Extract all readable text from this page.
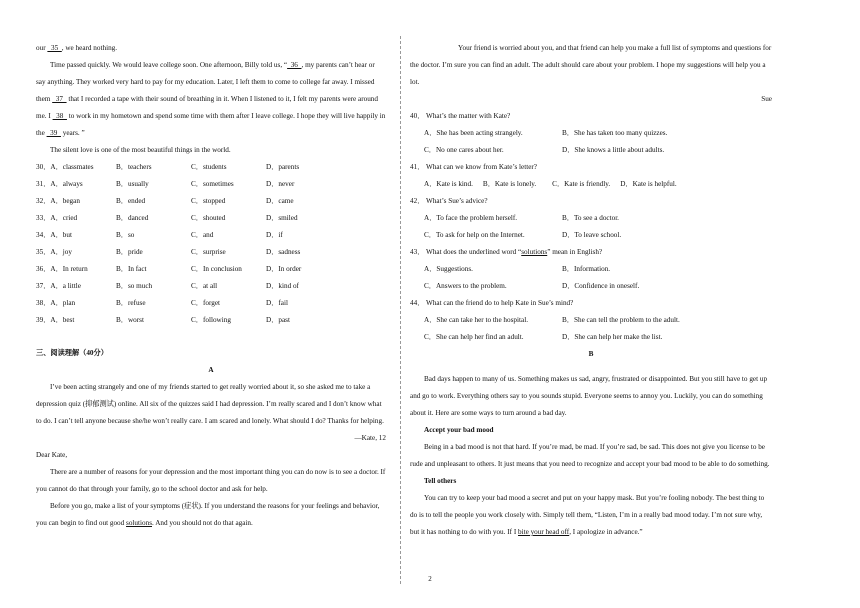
our   35  , we heard nothing.

Time passed quickly. We would leave college soon. One afternoon, Billy told us, “  36  , my parents can’t hear or say anything. They worked very hard to pay for my education. Later, I left them to come to college far away. I missed them   37   that I recorded a tape with their sound of breathing in it. When I listened to it, I felt my parents were around me. I   38   to work in my hometown and spend some time with them after I leave college. I hope they will live happily in the   39   years. ”

The silent love is one of the most beautiful things in the world.

30．A．classmates	B．teachers	C．students	D．parents
31．A．always	B．usually	C．sometimes	D．never
32．A．began	B．ended	C．stopped	D．came
33．A．cried	B．danced	C．shouted	D．smiled
34．A．but	B．so	C．and	D．if
35．A．joy	B．pride	C．surprise	D．sadness
36．A．In return	B．In fact	C．In conclusion	D．In order
37．A．a little	B．so much	C．at all	D．kind of
38．A．plan	B．refuse	C．forget	D．fail
39．A．best	B．worst	C．following	D．past

三、阅读理解（40分）

A

I’ve been acting strangely and one of my friends started to get really worried about it, so she asked me to take a depression quiz (抑郁测试) online. All six of the quizzes said I had depression. I’m really scared and I don’t know what to do. I can’t tell anyone because she/he won’t really care. I am scared and lonely. What should I do? Thanks for helping.

—Kate, 12

Dear Kate,

There are a number of reasons for your depression and the most important thing you can do now is to see a doctor. If you cannot do that through your family, go to the school doctor and ask for help.

Before you go, make a list of your symptoms (症状). If you understand the reasons for your feelings and behavior, you can begin to find out good solutions. And you should not do that again.

Your friend is worried about you, and that friend can help you make a full list of symptoms and questions for the doctor. I’m sure you can find an adult. The adult should care about your problem. I hope my suggestions will help you a lot.

Sue

40． What’s the matter with Kate?

A．She has been acting strangely.	B．She has taken too many quizzes.
C．No one cares about her.	D．She knows a little about adults.

41． What can we know from Kate’s letter?

A．Kate is kind. B．Kate is lonely. C．Kate is friendly. D．Kate is helpful.

42． What’s Sue’s advice?

A．To face the problem herself.	B．To see a doctor.
C．To ask for help on the Internet.	D．To leave school.

43． What does the underlined word “solutions” mean in English?

A．Suggestions.	B．Information.
C．Answers to the problem.	D．Confidence in oneself.

44． What can the friend do to help Kate in Sue’s mind?

A．She can take her to the hospital.	B．She can tell the problem to the adult.
C．She can help her find an adult.	D．She can help her make the list.

B

Bad days happen to many of us. Something makes us sad, angry, frustrated or disappointed. But you still have to get up and go to work. Everything others say to you sounds stupid. Everyone seems to annoy you. Luckily, you can do something about it. Here are some ways to turn around a bad day.

Accept your bad mood

Being in a bad mood is not that hard. If you’re mad, be mad. If you’re sad, be sad. This does not give you license to be rude and unpleasant to others. It just means that you need to recognize and accept your bad mood to be able to do something.

Tell others

You can try to keep your bad mood a secret and put on your happy mask. But you’re fooling nobody. The best thing to do is to tell the people you work closely with. Simply tell them, “Listen, I’m in a really bad mood today. I’m not sure why, but it has nothing to do with you. If I bite your head off, I apologize in advance.”

2
